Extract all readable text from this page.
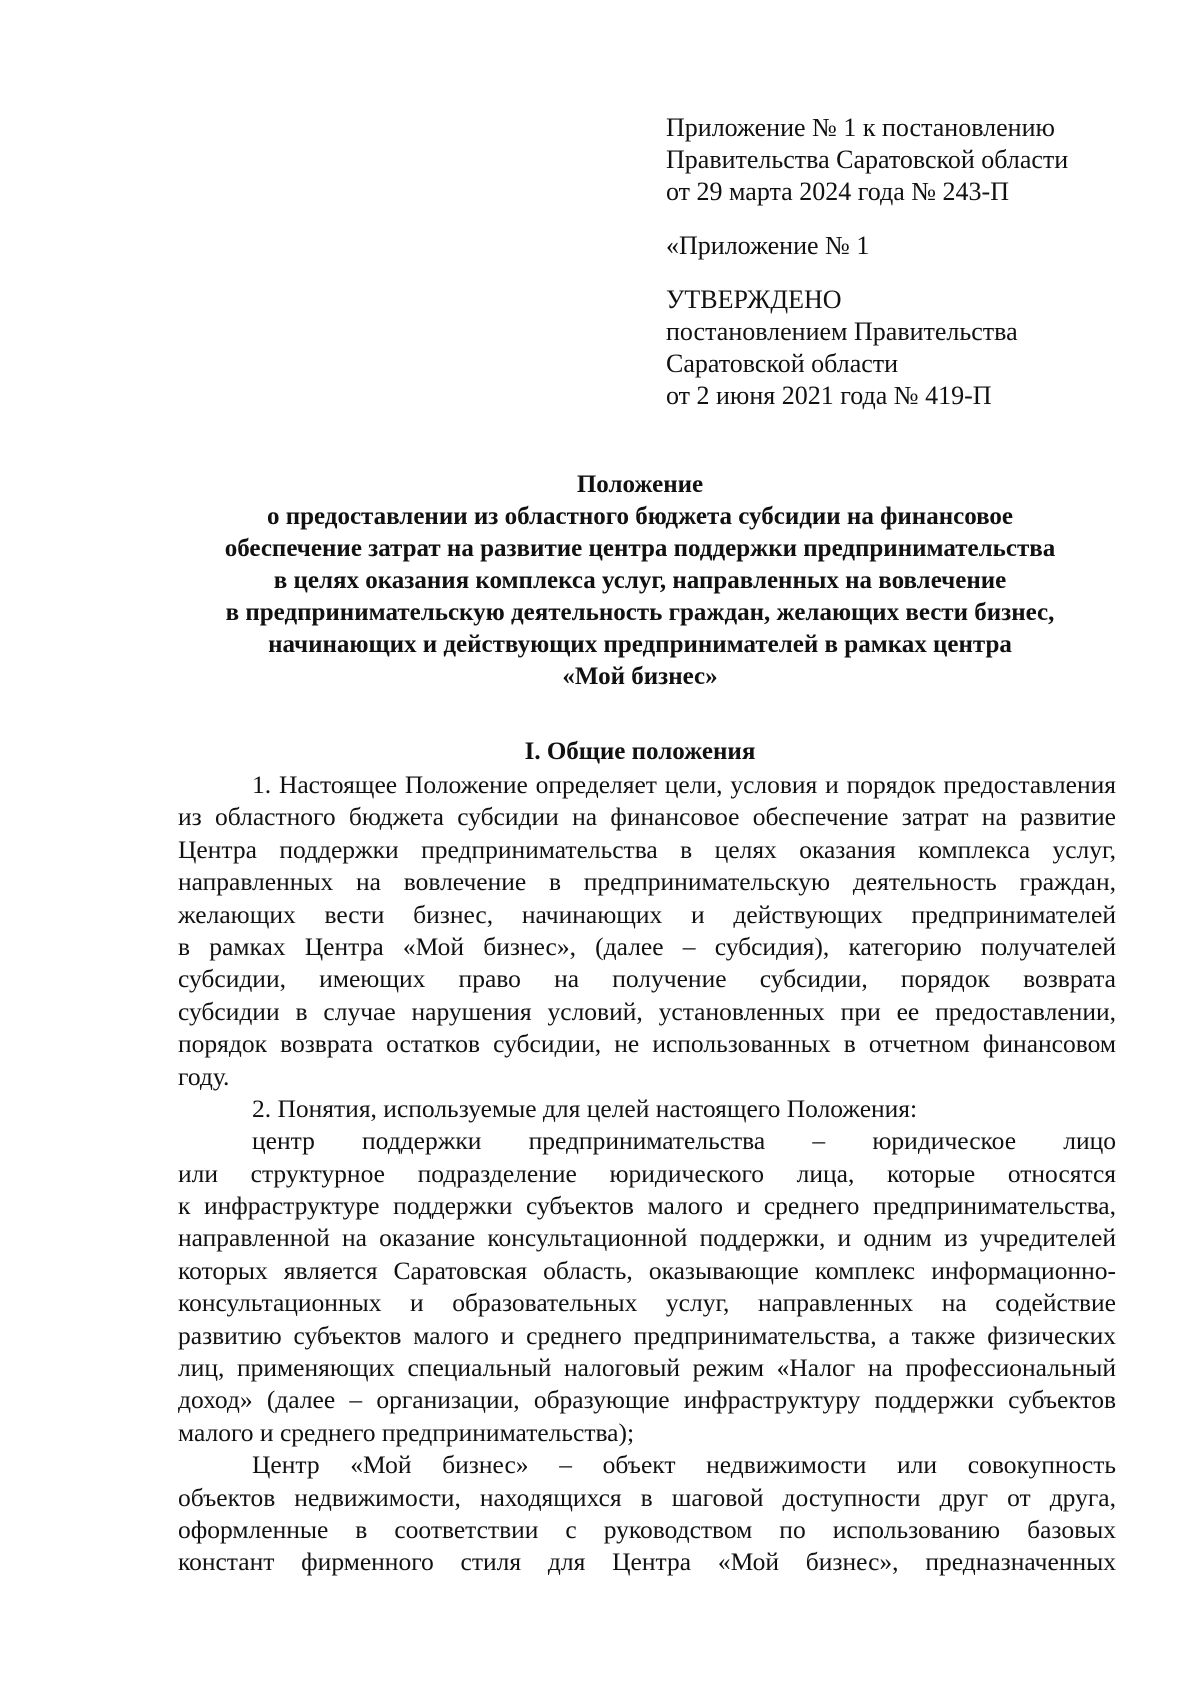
Приложение № 1 к постановлению
Правительства Саратовской области
от 29 марта 2024 года № 243-П
«Приложение № 1
УТВЕРЖДЕНО
постановлением Правительства
Саратовской области
от 2 июня 2021 года № 419-П
Положение
о предоставлении из областного бюджета субсидии на финансовое
обеспечение затрат на развитие центра поддержки предпринимательства
в целях оказания комплекса услуг, направленных на вовлечение
в предпринимательскую деятельность граждан, желающих вести бизнес,
начинающих и действующих предпринимателей в рамках центра
«Мой бизнес»
I. Общие положения
1. Настоящее Положение определяет цели, условия и порядок предоставления
из областного бюджета субсидии на финансовое обеспечение затрат на развитие
Центра поддержки предпринимательства в целях оказания комплекса услуг,
направленных на вовлечение в предпринимательскую деятельность граждан,
желающих вести бизнес, начинающих и действующих предпринимателей
в рамках Центра «Мой бизнес», (далее – субсидия), категорию получателей
субсидии, имеющих право на получение субсидии, порядок возврата
субсидии в случае нарушения условий, установленных при ее предоставлении,
порядок возврата остатков субсидии, не использованных в отчетном финансовом
году.
2. Понятия, используемые для целей настоящего Положения:
центр поддержки предпринимательства – юридическое лицо
или структурное подразделение юридического лица, которые относятся
к инфраструктуре поддержки субъектов малого и среднего предпринимательства,
направленной на оказание консультационной поддержки, и одним из учредителей
которых является Саратовская область, оказывающие комплекс информационно-
консультационных и образовательных услуг, направленных на содействие
развитию субъектов малого и среднего предпринимательства, а также физических
лиц, применяющих специальный налоговый режим «Налог на профессиональный
доход» (далее – организации, образующие инфраструктуру поддержки субъектов
малого и среднего предпринимательства);
Центр «Мой бизнес» – объект недвижимости или совокупность
объектов недвижимости, находящихся в шаговой доступности друг от друга,
оформленные в соответствии с руководством по использованию базовых
констант фирменного стиля для Центра «Мой бизнес», предназначенных
